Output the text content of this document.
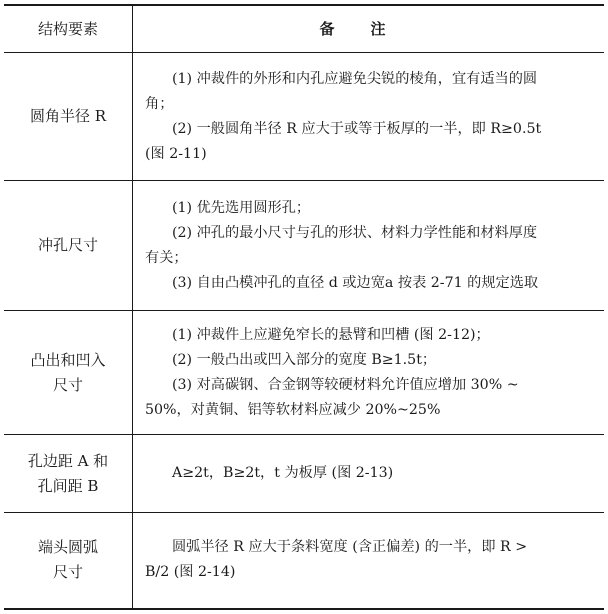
结构要素	备注

圆角半径 R	(1) 冲裁件的外形和内孔应避免尖锐的棱角，宜有适当的圆
角；
(2) 一般圆角半径 R 应大于或等于板厚的一半，即 R≥0.5t
(图 2-11)

冲孔尺寸	(1) 优先选用圆形孔；
(2) 冲孔的最小尺寸与孔的形状、材料力学性能和材料厚度
有关；
(3) 自由凸模冲孔的直径 d 或边宽a 按表 2-71 的规定选取

凸出和凹入
尺寸	(1) 冲裁件上应避免窄长的悬臂和凹槽 (图 2-12)；
(2) 一般凸出或凹入部分的宽度 B≥1.5t；
(3) 对高碳钢、合金钢等较硬材料允许值应增加 30% ~
50%，对黄铜、铝等软材料应减少 20%~25%

孔边距 A 和
孔间距 B	A≥2t，B≥2t，t 为板厚 (图 2-13)

端头圆弧
尺寸	圆弧半径 R 应大于条料宽度 (含正偏差) 的一半，即 R >
B/2 (图 2-14)
